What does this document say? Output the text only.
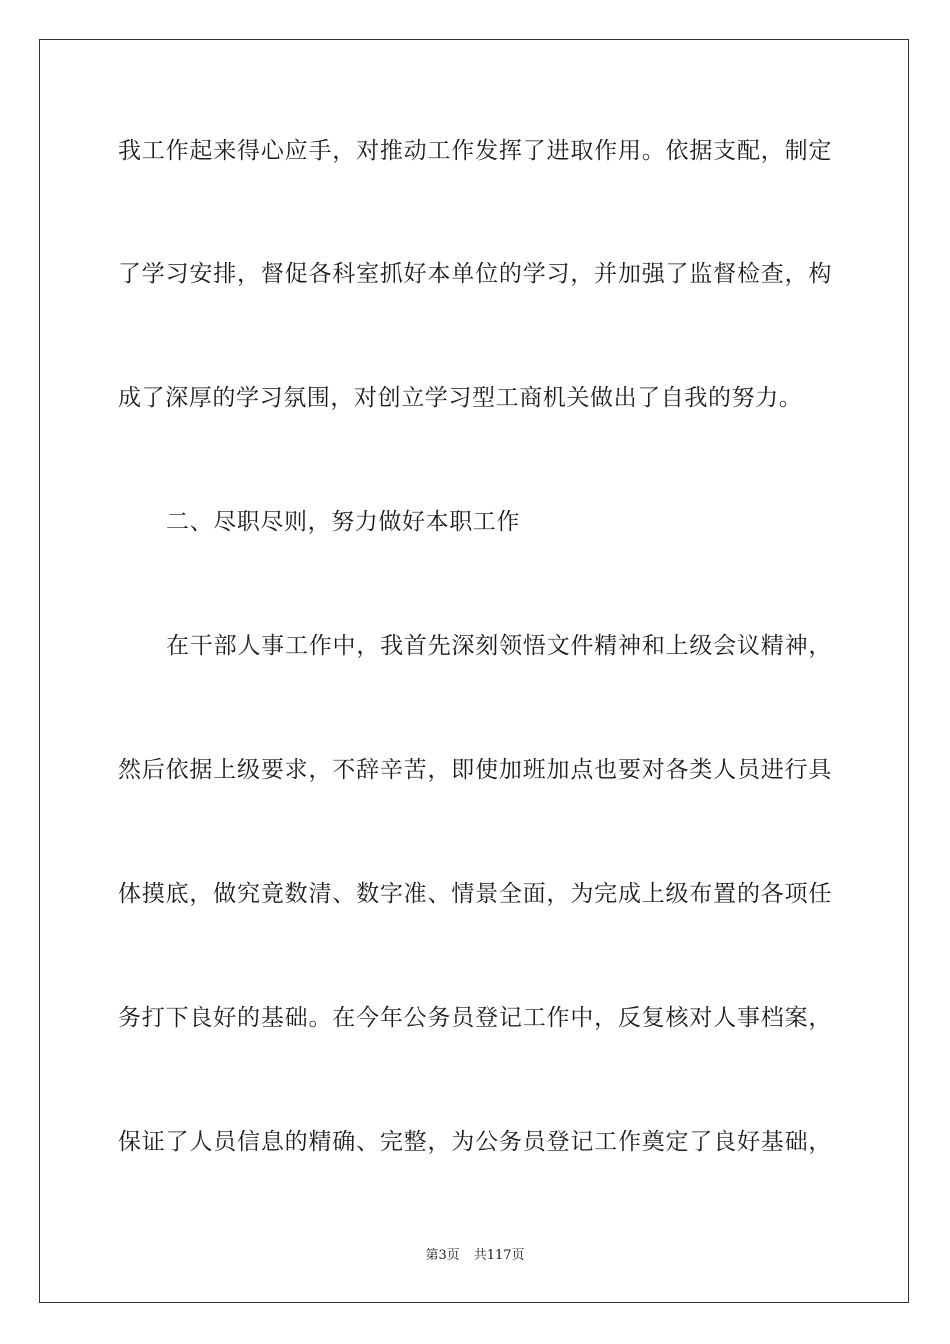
我工作起来得心应手，对推动工作发挥了进取作用。依据支配，制定
了学习安排，督促各科室抓好本单位的学习，并加强了监督检查，构
成了深厚的学习氛围，对创立学习型工商机关做出了自我的努力。
二、尽职尽则，努力做好本职工作
在干部人事工作中，我首先深刻领悟文件精神和上级会议精神，
然后依据上级要求，不辞辛苦，即使加班加点也要对各类人员进行具
体摸底，做究竟数清、数字准、情景全面，为完成上级布置的各项任
务打下良好的基础。在今年公务员登记工作中，反复核对人事档案，
保证了人员信息的精确、完整，为公务员登记工作奠定了良好基础，
第3页 共117页
